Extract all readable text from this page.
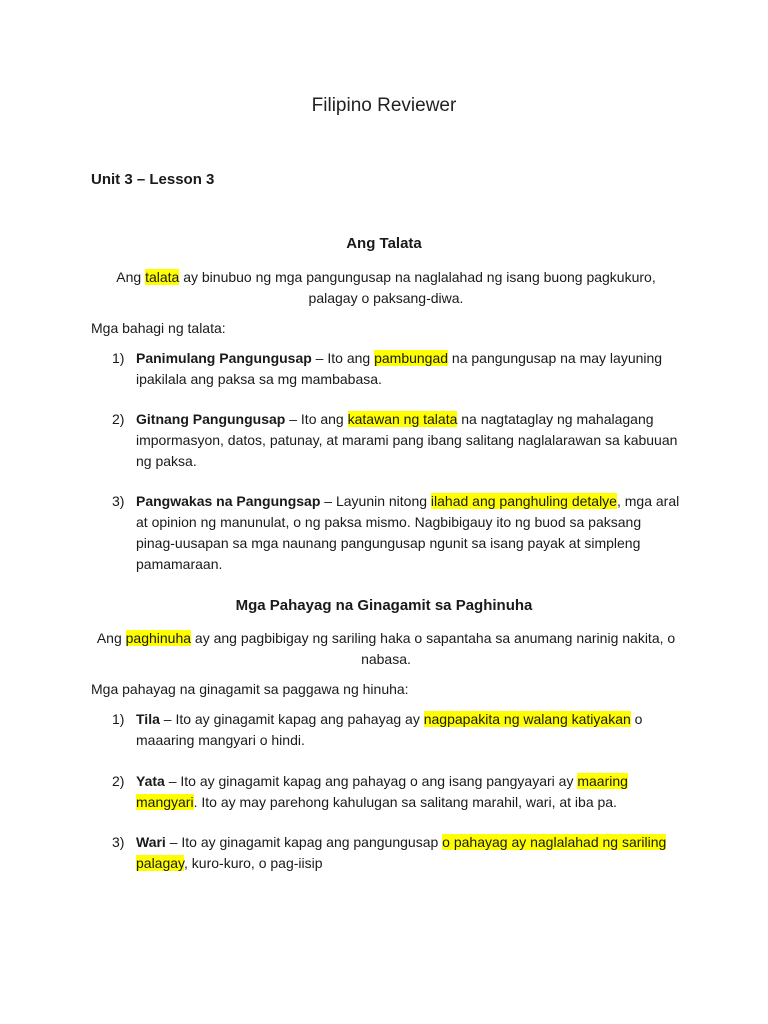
Filipino Reviewer
Unit 3 – Lesson 3
Ang Talata
Ang talata ay binubuo ng mga pangungusap na naglalahad ng isang buong pagkukuro, palagay o paksang-diwa.
Mga bahagi ng talata:
1) Panimulang Pangungusap – Ito ang pambungad na pangungusap na may layuning ipakilala ang paksa sa mg mambabasa.
2) Gitnang Pangungusap – Ito ang katawan ng talata na nagtataglay ng mahalagang impormasyon, datos, patunay, at marami pang ibang salitang naglalarawan sa kabuuan ng paksa.
3) Pangwakas na Pangungsap – Layunin nitong ilahad ang panghuling detalye, mga aral at opinion ng manunulat, o ng paksa mismo. Nagbibigauy ito ng buod sa paksang pinag-uusapan sa mga naunang pangungusap ngunit sa isang payak at simpleng pamamaraan.
Mga Pahayag na Ginagamit sa Paghinuha
Ang paghinuha ay ang pagbibigay ng sariling haka o sapantaha sa anumang narinig nakita, o nabasa.
Mga pahayag na ginagamit sa paggawa ng hinuha:
1) Tila – Ito ay ginagamit kapag ang pahayag ay nagpapakita ng walang katiyakan o maaaring mangyari o hindi.
2) Yata – Ito ay ginagamit kapag ang pahayag o ang isang pangyayari ay maaring mangyari. Ito ay may parehong kahulugan sa salitang marahil, wari, at iba pa.
3) Wari – Ito ay ginagamit kapag ang pangungusap o pahayag ay naglalahad ng sariling palagay, kuro-kuro, o pag-iisip
